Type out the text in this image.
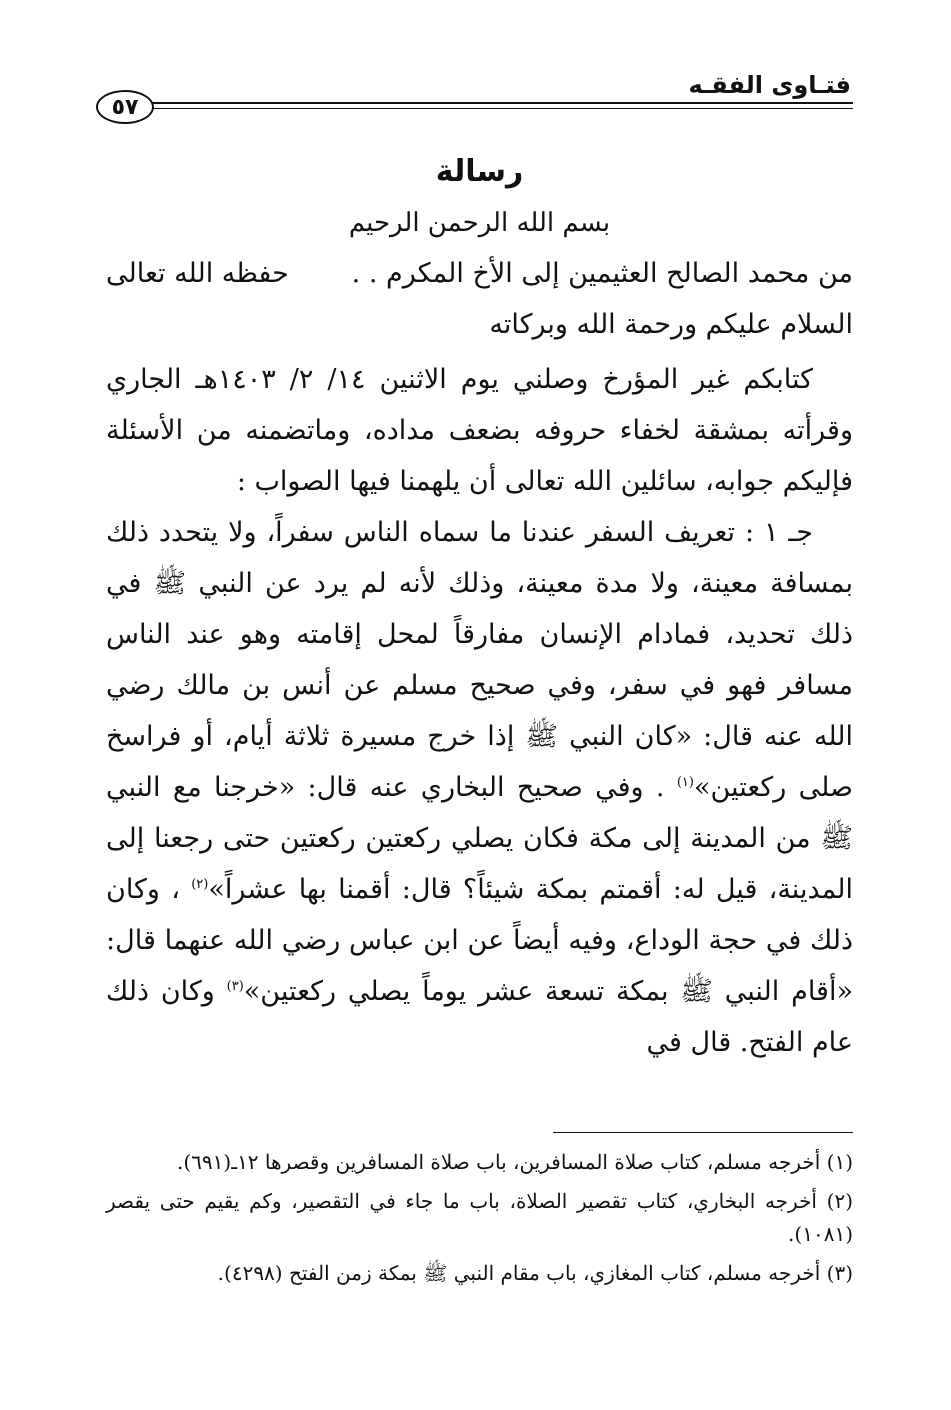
فتـاوى الفقـه
٥٧

رسالة

بسم الله الرحمن الرحيم

من محمد الصالح العثيمين إلى الأخ المكرم . .
حفظه الله تعالى

السلام عليكم ورحمة الله وبركاته

كتابكم غير المؤرخ وصلني يوم الاثنين ١٤/ ٢/ ١٤٠٣هـ الجاري وقرأته بمشقة لخفاء حروفه بضعف مداده، وماتضمنه من الأسئلة فإليكم جوابه، سائلين الله تعالى أن يلهمنا فيها الصواب :

جـ ١ : تعريف السفر عندنا ما سماه الناس سفراً، ولا يتحدد ذلك بمسافة معينة، ولا مدة معينة، وذلك لأنه لم يرد عن النبي ﷺ في ذلك تحديد، فمادام الإنسان مفارقاً لمحل إقامته وهو عند الناس مسافر فهو في سفر، وفي صحيح مسلم عن أنس بن مالك رضي الله عنه قال: «كان النبي ﷺ إذا خرج مسيرة ثلاثة أيام، أو فراسخ صلى ركعتين»$^{(١)}$ . وفي صحيح البخاري عنه قال: «خرجنا مع النبي ﷺ من المدينة إلى مكة فكان يصلي ركعتين ركعتين حتى رجعنا إلى المدينة، قيل له: أقمتم بمكة شيئاً؟ قال: أقمنا بها عشراً»$^{(٢)}$ ، وكان ذلك في حجة الوداع، وفيه أيضاً عن ابن عباس رضي الله عنهما قال: «أقام النبي ﷺ بمكة تسعة عشر يوماً يصلي ركعتين»$^{(٣)}$ وكان ذلك عام الفتح. قال في

(١) أخرجه مسلم، كتاب صلاة المسافرين، باب صلاة المسافرين وقصرها ١٢ـ(٦٩١).

(٢) أخرجه البخاري، كتاب تقصير الصلاة، باب ما جاء في التقصير، وكم يقيم حتى يقصر (١٠٨١).

(٣) أخرجه مسلم، كتاب المغازي، باب مقام النبي ﷺ بمكة زمن الفتح (٤٢٩٨).
